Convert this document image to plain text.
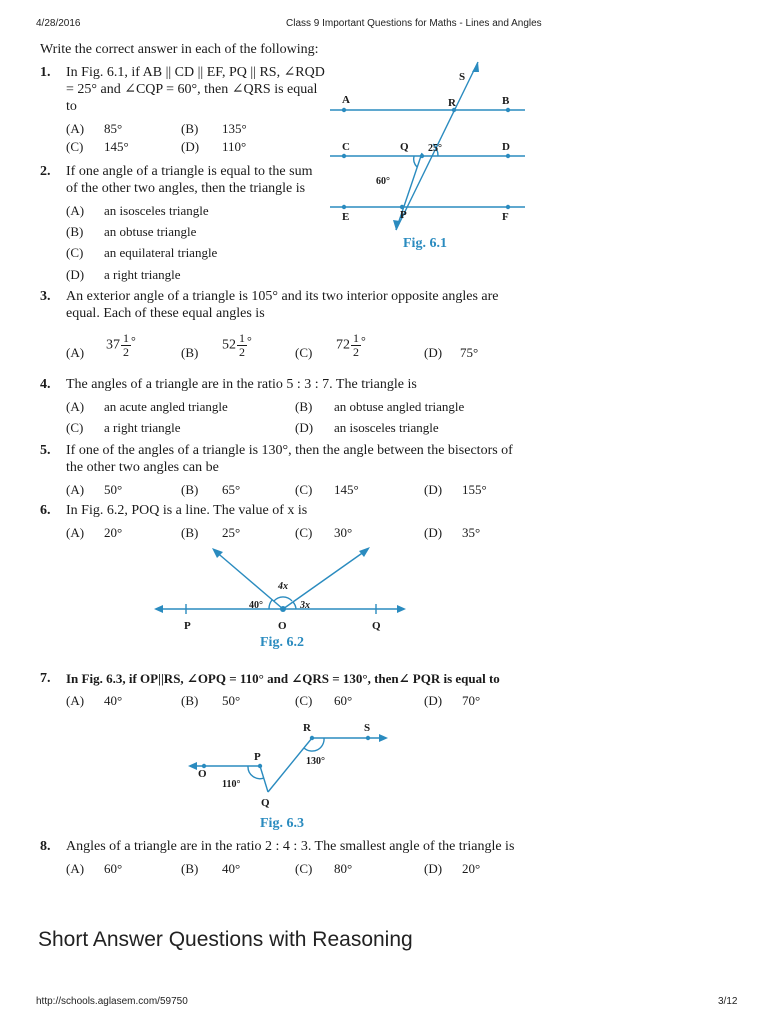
4/28/2016	Class 9 Important Questions for Maths - Lines and Angles
Write the correct answer in each of the following:
1. In Fig. 6.1, if AB || CD || EF, PQ || RS, ∠RQD
= 25° and ∠CQP = 60°, then ∠QRS is equal
to
(A) 85°	(B) 135°
(C) 145°	(D) 110°
S
A	R	B
C	Q	D
E	P	F
25°
60°
Fig. 6.1
2. If one angle of a triangle is equal to the sum
of the other two angles, then the triangle is
(A) an isosceles triangle
(B) an obtuse triangle
(C) an equilateral triangle
(D) a right triangle
3. An exterior angle of a triangle is 105° and its two interior opposite angles are
equal. Each of these equal angles is
(A) $37 \frac{1}{2}$ °
(B) $52 \frac{1}{2}$ °
(C) $72 \frac{1}{2}$ °
(D) 75°
4. The angles of a triangle are in the ratio 5 : 3 : 7. The triangle is
(A) an acute angled triangle	(B) an obtuse angled triangle
(C) a right triangle	(D) an isosceles triangle
5. If one of the angles of a triangle is 130°, then the angle between the bisectors of
the other two angles can be
(A) 50°	(B) 65°	(C) 145°	(D) 155°
6. In Fig. 6.2, POQ is a line. The value of x is
(A) 20°	(B) 25°	(C) 30°	(D) 35°
P	O	Q
40°
4x
3x
Fig. 6.2
7. In Fig. 6.3, if OP||RS, ∠OPQ = 110° and ∠QRS = 130°, then∠ PQR is equal to
(A) 40°	(B) 50°	(C) 60°	(D) 70°
R	S
P
O
Q
130°
110°
Fig. 6.3
8. Angles of a triangle are in the ratio 2 : 4 : 3. The smallest angle of the triangle is
(A) 60°	(B) 40°	(C) 80°	(D) 20°
Short Answer Questions with Reasoning
http://schools.aglasem.com/59750	3/12
